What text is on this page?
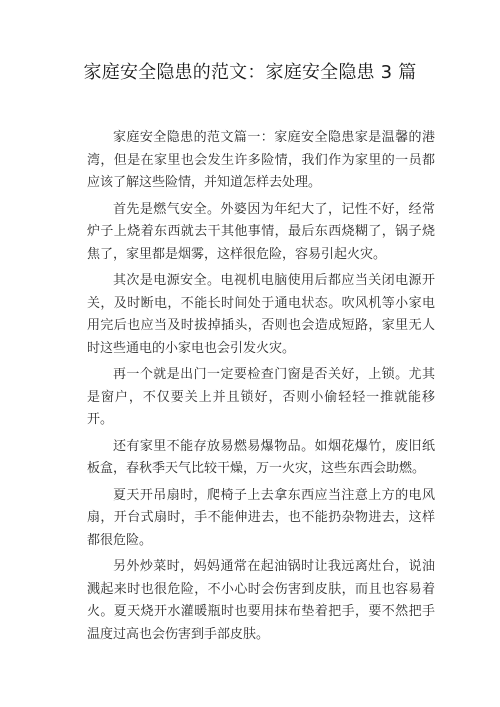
家庭安全隐患的范文：家庭安全隐患 3 篇

家庭安全隐患的范文篇一：家庭安全隐患家是温馨的港湾，但是在家里也会发生许多险情，我们作为家里的一员都应该了解这些险情，并知道怎样去处理。

首先是燃气安全。外婆因为年纪大了，记性不好，经常炉子上烧着东西就去干其他事情，最后东西烧糊了，锅子烧焦了，家里都是烟雾，这样很危险，容易引起火灾。

其次是电源安全。电视机电脑使用后都应当关闭电源开关，及时断电，不能长时间处于通电状态。吹风机等小家电用完后也应当及时拔掉插头，否则也会造成短路，家里无人时这些通电的小家电也会引发火灾。

再一个就是出门一定要检查门窗是否关好，上锁。尤其是窗户，不仅要关上并且锁好，否则小偷轻轻一推就能移开。

还有家里不能存放易燃易爆物品。如烟花爆竹，废旧纸板盒，春秋季天气比较干燥，万一火灾，这些东西会助燃。

夏天开吊扇时，爬椅子上去拿东西应当注意上方的电风扇，开台式扇时，手不能伸进去，也不能扔杂物进去，这样都很危险。

另外炒菜时，妈妈通常在起油锅时让我远离灶台，说油溅起来时也很危险，不小心时会伤害到皮肤，而且也容易着火。夏天烧开水灌暖瓶时也要用抹布垫着把手，要不然把手温度过高也会伤害到手部皮肤。
